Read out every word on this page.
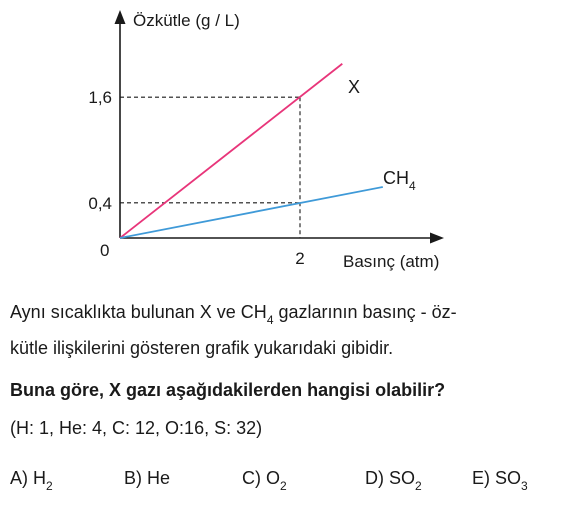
Özkütle (g / L)
Basınç (atm)
0
0,4
1,6
2
X
$CH_4$

Aynı sıcaklıkta bulunan X ve $CH_4$ gazlarının basınç - öz-

kütle ilişkilerini gösteren grafik yukarıdaki gibidir.

Buna göre, X gazı aşağıdakilerden hangisi olabilir?

(H: 1, He: 4, C: 12, O:16, S: 32)

A) $H_2$	B) He	C) $O_2$	D) $SO_2$	E) $SO_3$
